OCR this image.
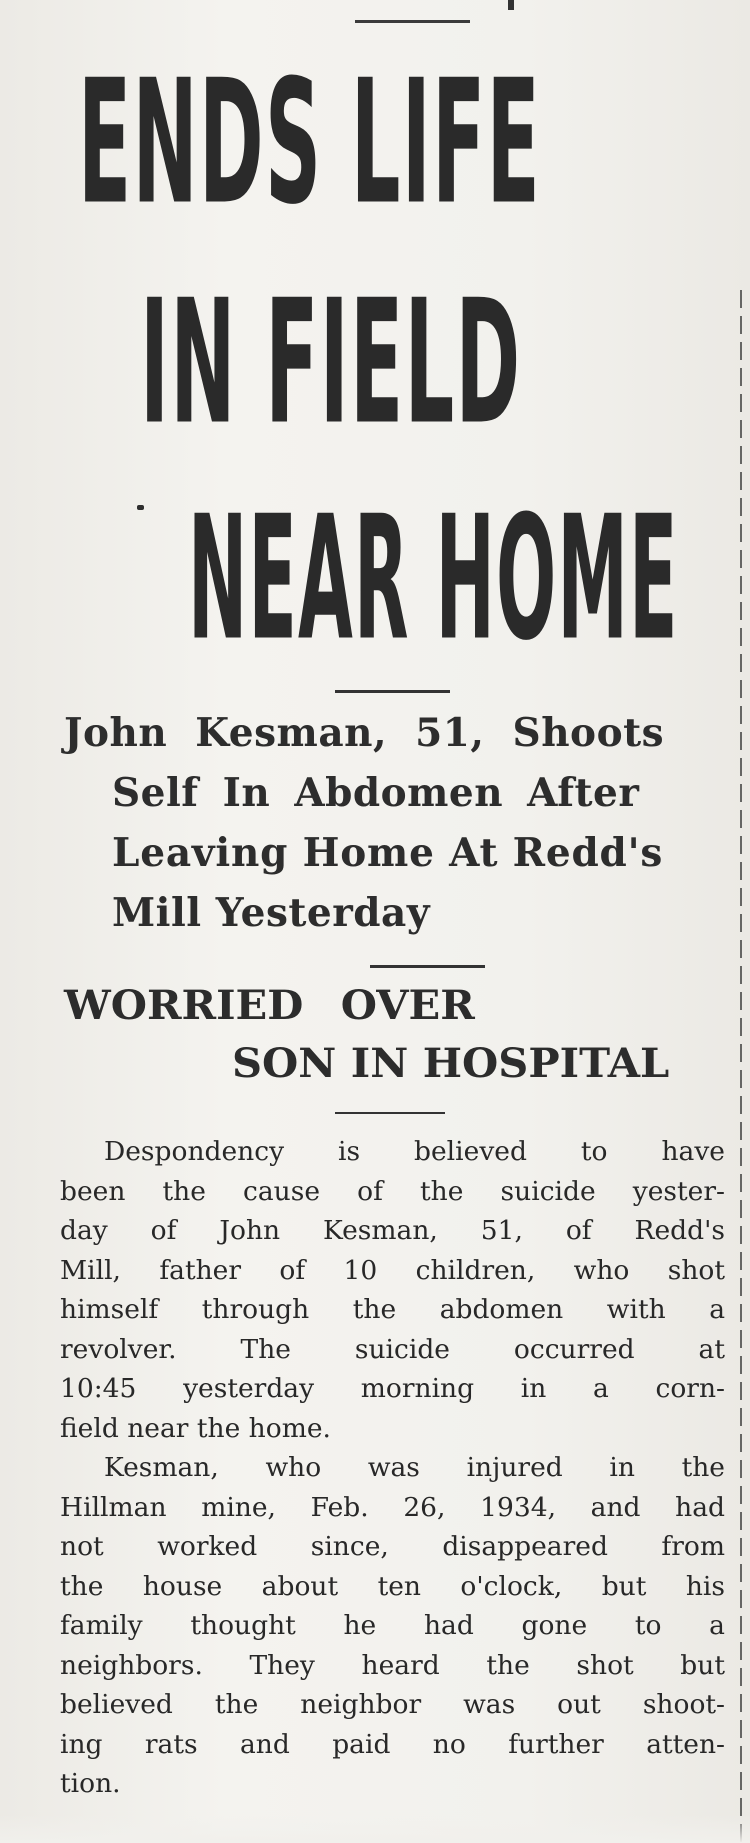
ENDS LIFE
IN FIELD
NEAR HOME
John Kesman, 51, Shoots
Self In Abdomen After
Leaving Home At Redd's
Mill Yesterday
WORRIED OVER
SON IN HOSPITAL
Despondency is believed to have
been the cause of the suicide yester-
day of John Kesman, 51, of Redd's
Mill, father of 10 children, who shot
himself through the abdomen with a
revolver. The suicide occurred at
10:45 yesterday morning in a corn-
field near the home.
Kesman, who was injured in the
Hillman mine, Feb. 26, 1934, and had
not worked since, disappeared from
the house about ten o'clock, but his
family thought he had gone to a
neighbors. They heard the shot but
believed the neighbor was out shoot-
ing rats and paid no further atten-
tion.
